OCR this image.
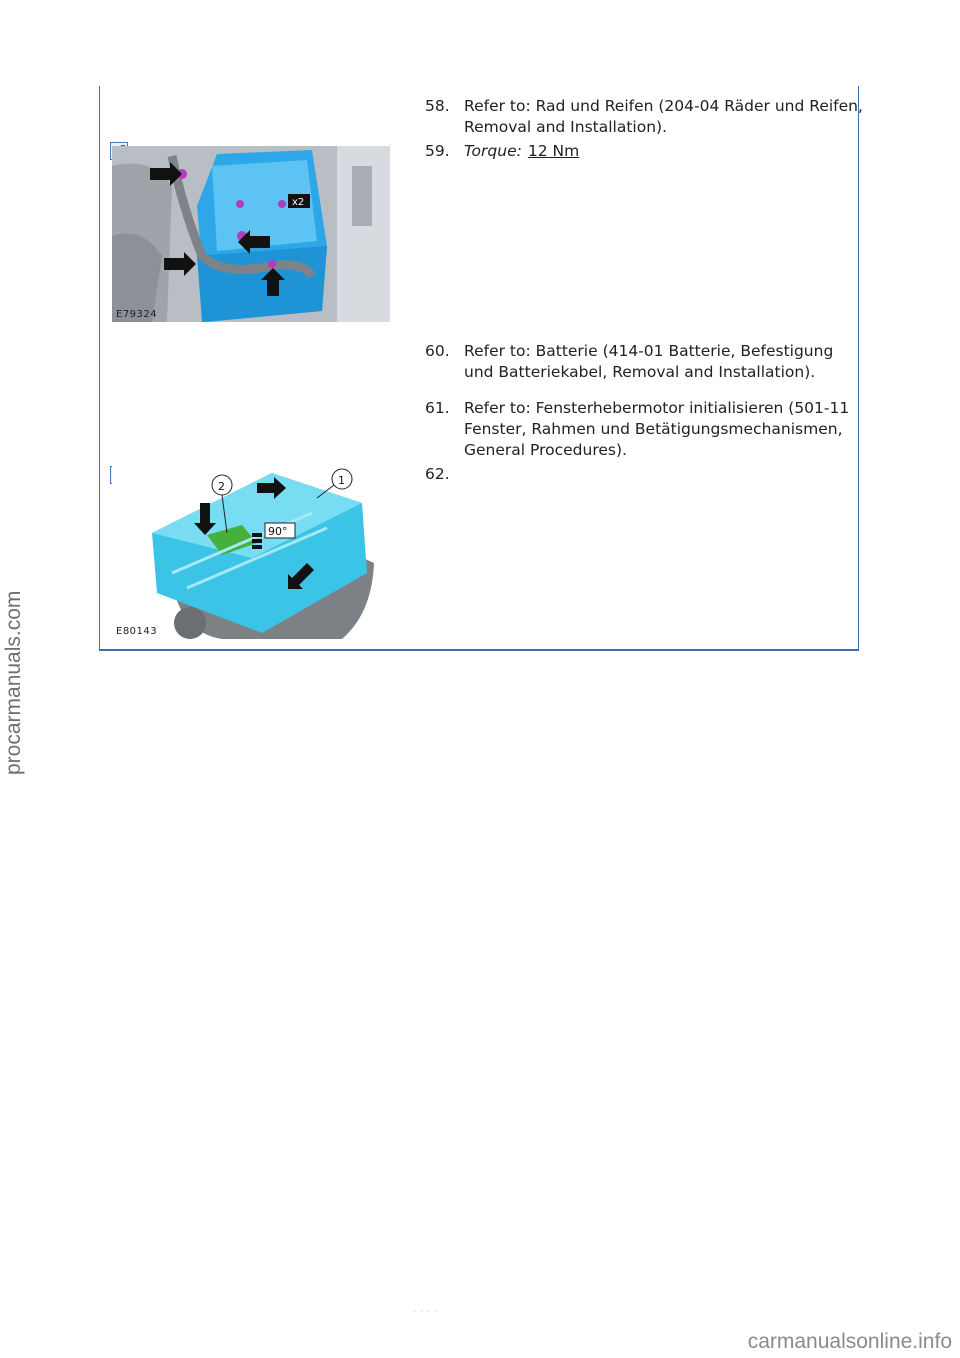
58. Refer to: Rad und Reifen (204-04 Räder und Reifen, Removal and Installation).
59. Torque: 12 Nm
60. Refer to: Batterie (414-01 Batterie, Befestigung und Batteriekabel, Removal and Installation).
61. Refer to: Fensterhebermotor initialisieren (501-11 Fenster, Rahmen und Betätigungsmechanismen, General Procedures).
62.
x2
E79324
1
2
90°
E80143
procarmanuals.com
- - - -
carmanualsonline.info
